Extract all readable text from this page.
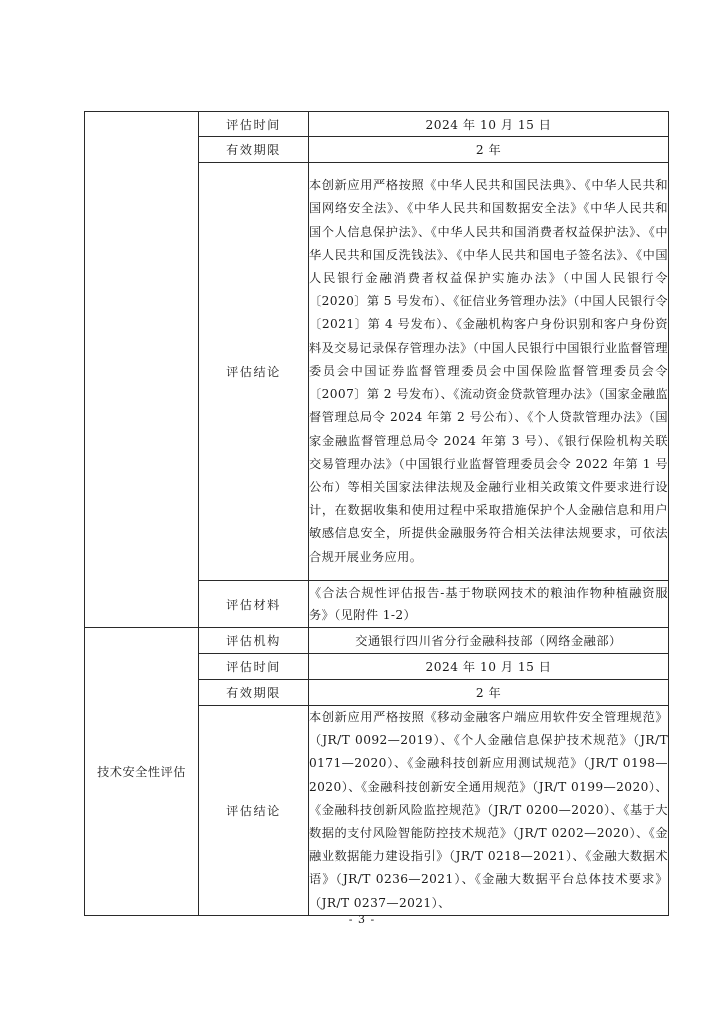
	评估时间	2024 年 10 月 15 日
	有效期限	2 年
	评估结论	本创新应用严格按照《中华人民共和国民法典》、《中华人民共和国网络安全法》、《中华人民共和国数据安全法》《中华人民共和国个人信息保护法》、《中华人民共和国消费者权益保护法》、《中华人民共和国反洗钱法》、《中华人民共和国电子签名法》、《中国人民银行金融消费者权益保护实施办法》（中国人民银行令〔2020〕第 5 号发布）、《征信业务管理办法》（中国人民银行令〔2021〕第 4 号发布）、《金融机构客户身份识别和客户身份资料及交易记录保存管理办法》（中国人民银行中国银行业监督管理委员会中国证券监督管理委员会中国保险监督管理委员会令〔2007〕第 2 号发布）、《流动资金贷款管理办法》（国家金融监督管理总局令 2024 年第 2 号公布）、《个人贷款管理办法》（国家金融监督管理总局令 2024 年第 3 号）、《银行保险机构关联交易管理办法》（中国银行业监督管理委员会令 2022 年第 1 号公布）等相关国家法律法规及金融行业相关政策文件要求进行设计，在数据收集和使用过程中采取措施保护个人金融信息和用户敏感信息安全，所提供金融服务符合相关法律法规要求，可依法合规开展业务应用。
	评估材料	《合法合规性评估报告-基于物联网技术的粮油作物种植融资服务》（见附件 1-2）
技术安全性评估	评估机构	交通银行四川省分行金融科技部（网络金融部）
	评估时间	2024 年 10 月 15 日
	有效期限	2 年
	评估结论	本创新应用严格按照《移动金融客户端应用软件安全管理规范》（JR/T 0092—2019）、《个人金融信息保护技术规范》（JR/T 0171—2020）、《金融科技创新应用测试规范》（JR/T 0198—2020）、《金融科技创新安全通用规范》（JR/T 0199—2020）、《金融科技创新风险监控规范》（JR/T 0200—2020）、《基于大数据的支付风险智能防控技术规范》（JR/T 0202—2020）、《金融业数据能力建设指引》（JR/T 0218—2021）、《金融大数据术语》（JR/T 0236—2021）、《金融大数据平台总体技术要求》（JR/T 0237—2021）、
- 3 -
